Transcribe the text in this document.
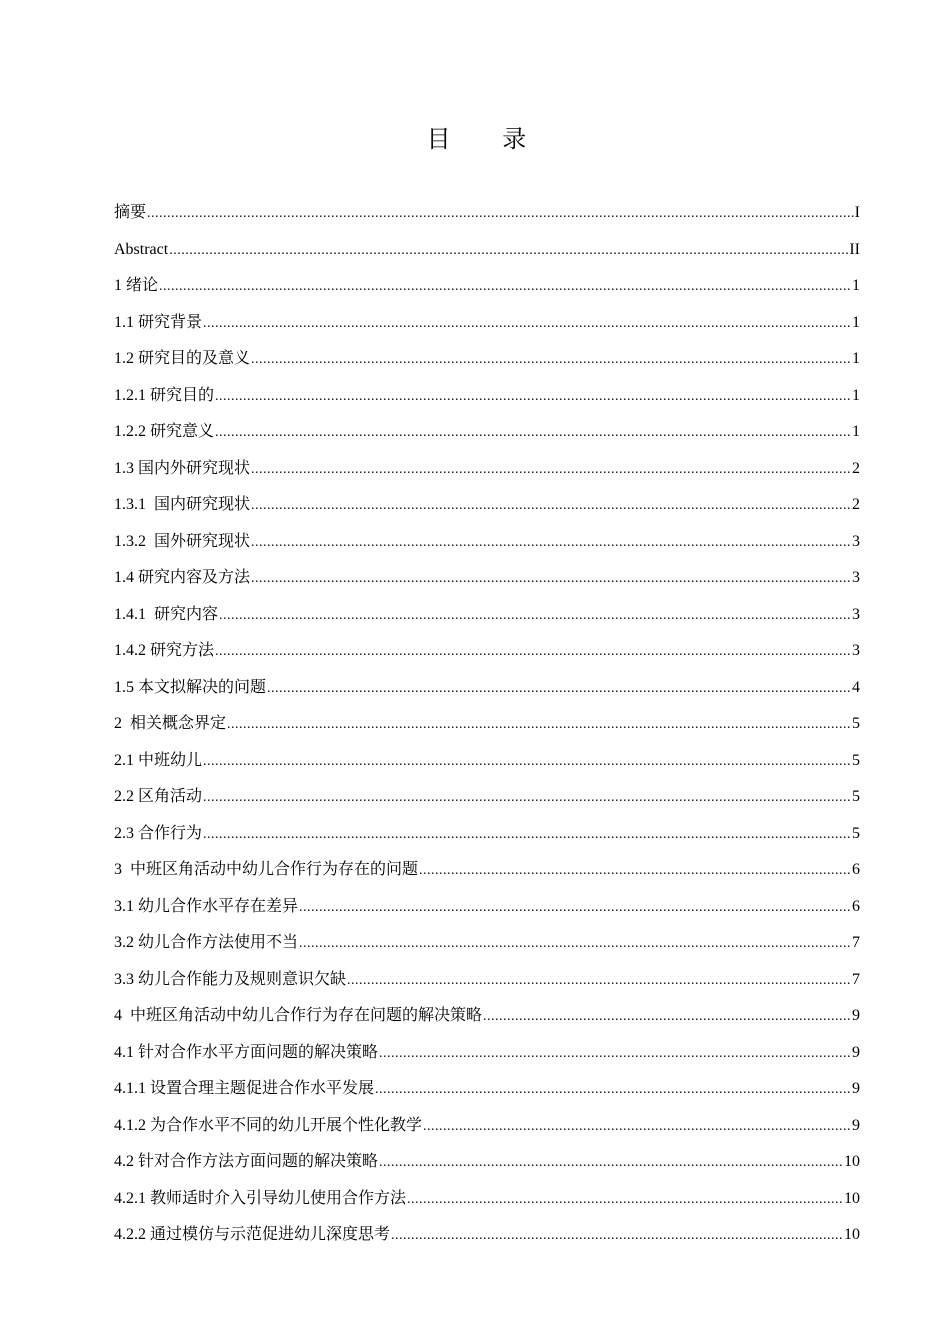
目 录
摘要 .....	I
Abstract .....	II
1 绪论 .....	1
1.1 研究背景 .....	1
1.2 研究目的及意义 .....	1
1.2.1 研究目的 .....	1
1.2.2 研究意义 .....	1
1.3 国内外研究现状 .....	2
1.3.1  国内研究现状 .....	2
1.3.2  国外研究现状 .....	3
1.4 研究内容及方法 .....	3
1.4.1  研究内容 .....	3
1.4.2 研究方法 .....	3
1.5 本文拟解决的问题 .....	4
2  相关概念界定 .....	5
2.1 中班幼儿 .....	5
2.2 区角活动 .....	5
2.3 合作行为 .....	5
3  中班区角活动中幼儿合作行为存在的问题 .....	6
3.1 幼儿合作水平存在差异 .....	6
3.2 幼儿合作方法使用不当 .....	7
3.3 幼儿合作能力及规则意识欠缺 .....	7
4  中班区角活动中幼儿合作行为存在问题的解决策略 .....	9
4.1 针对合作水平方面问题的解决策略 .....	9
4.1.1 设置合理主题促进合作水平发展 .....	9
4.1.2 为合作水平不同的幼儿开展个性化教学 .....	9
4.2 针对合作方法方面问题的解决策略 .....	10
4.2.1 教师适时介入引导幼儿使用合作方法 .....	10
4.2.2 通过模仿与示范促进幼儿深度思考 .....	10
